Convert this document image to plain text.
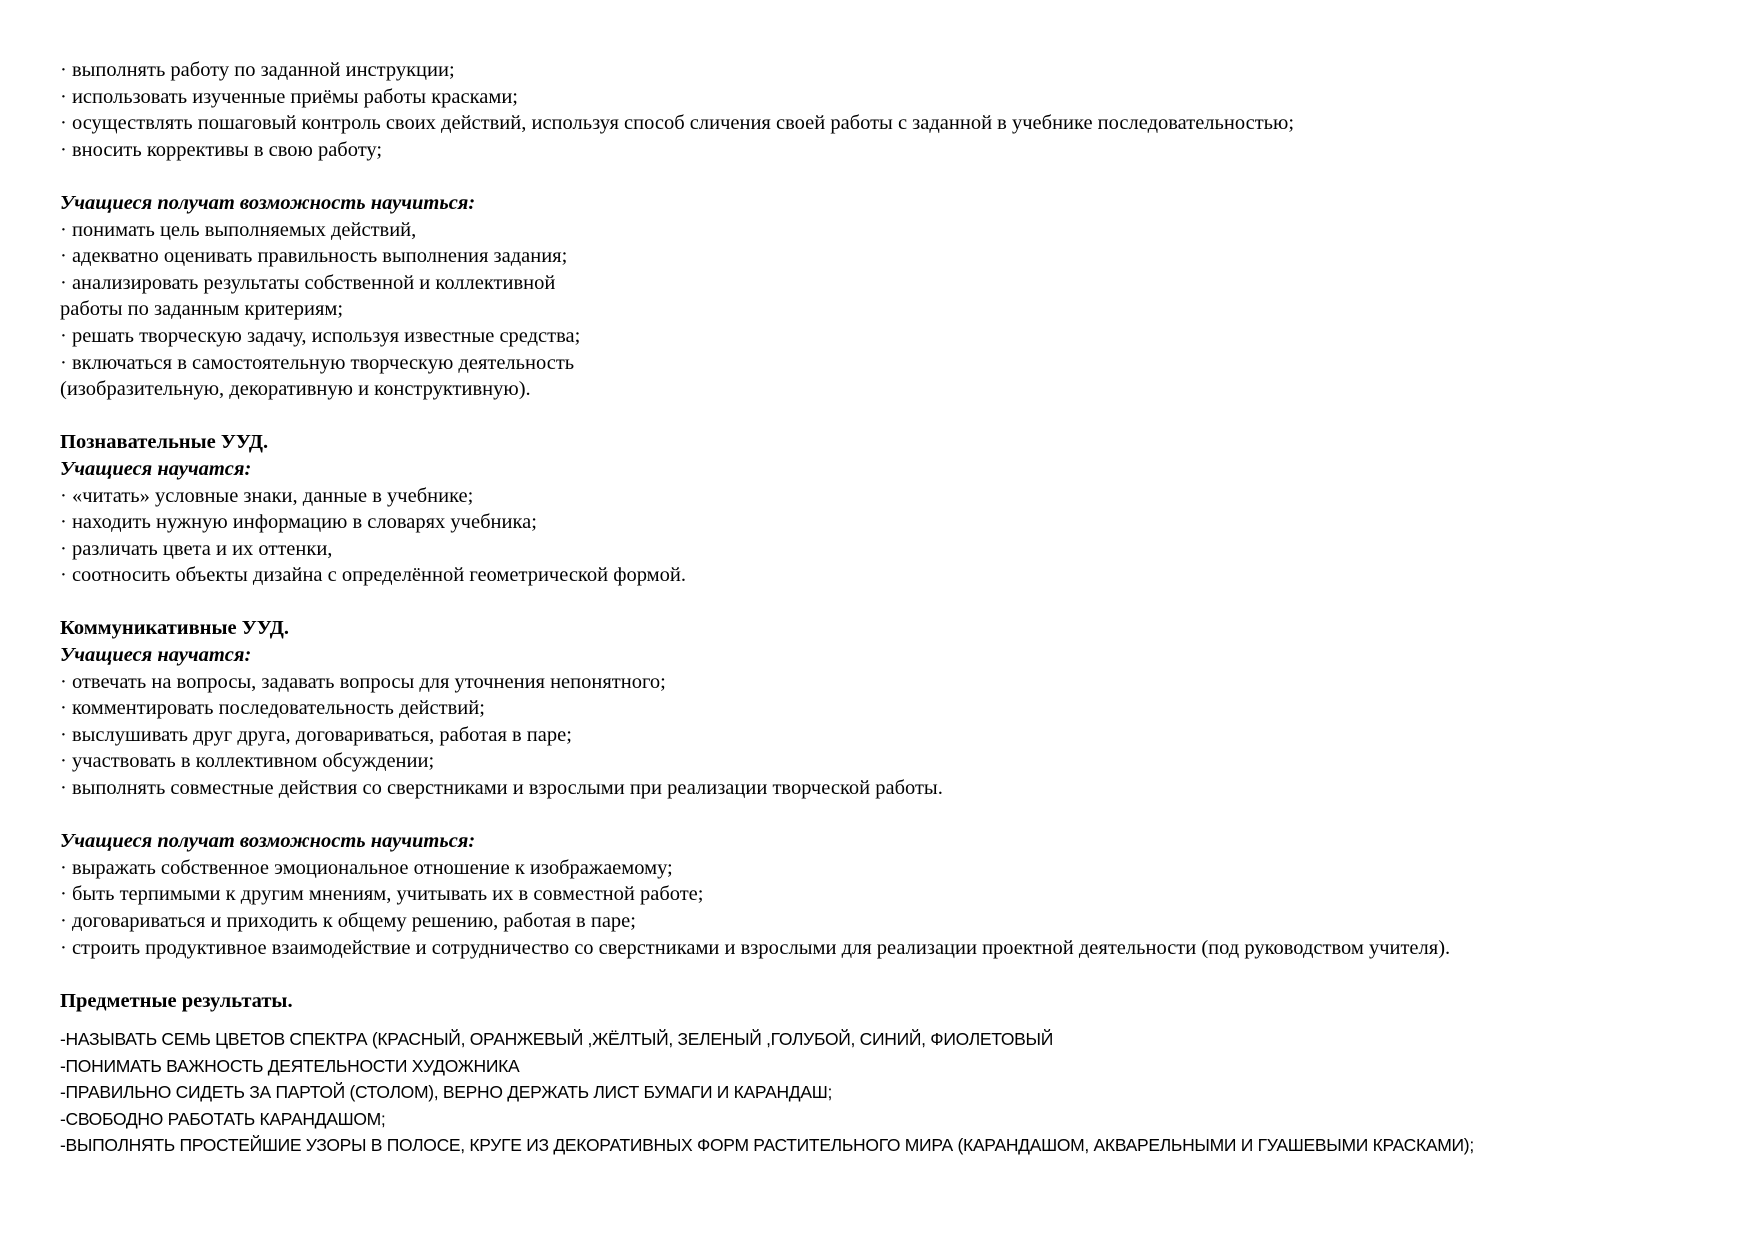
· выполнять работу по заданной инструкции;
· использовать изученные приёмы работы красками;
· осуществлять пошаговый контроль своих действий, используя способ сличения своей работы с заданной в учебнике последовательностью;
· вносить коррективы в свою работу;
Учащиеся получат возможность научиться:
· понимать цель выполняемых действий,
· адекватно оценивать правильность выполнения задания;
· анализировать результаты собственной и коллективной
работы по заданным критериям;
· решать творческую задачу, используя известные средства;
· включаться в самостоятельную творческую деятельность
(изобразительную, декоративную и конструктивную).
Познавательные УУД.
Учащиеся научатся:
· «читать» условные знаки, данные в учебнике;
· находить нужную информацию в словарях учебника;
· различать цвета и их оттенки,
· соотносить объекты дизайна с определённой геометрической формой.
Коммуникативные УУД.
Учащиеся научатся:
· отвечать на вопросы, задавать вопросы для уточнения непонятного;
· комментировать последовательность действий;
· выслушивать друг друга, договариваться, работая в паре;
· участвовать в коллективном обсуждении;
· выполнять совместные действия со сверстниками и взрослыми при реализации творческой работы.
Учащиеся получат возможность научиться:
· выражать собственное эмоциональное отношение к изображаемому;
· быть терпимыми к другим мнениям, учитывать их в совместной работе;
· договариваться и приходить к общему решению, работая в паре;
· строить продуктивное взаимодействие и сотрудничество со сверстниками и взрослыми для реализации проектной деятельности (под руководством учителя).
Предметные результаты.
-НАЗЫВАТЬ СЕМЬ ЦВЕТОВ СПЕКТРА (КРАСНЫЙ, ОРАНЖЕВЫЙ ,ЖЁЛТЫЙ, ЗЕЛЕНЫЙ ,ГОЛУБОЙ, СИНИЙ, ФИОЛЕТОВЫЙ
-ПОНИМАТЬ ВАЖНОСТЬ ДЕЯТЕЛЬНОСТИ ХУДОЖНИКА
-ПРАВИЛЬНО СИДЕТЬ ЗА ПАРТОЙ (СТОЛОМ), ВЕРНО ДЕРЖАТЬ ЛИСТ БУМАГИ И КАРАНДАШ;
-СВОБОДНО РАБОТАТЬ КАРАНДАШОМ;
-ВЫПОЛНЯТЬ ПРОСТЕЙШИЕ УЗОРЫ В ПОЛОСЕ, КРУГЕ ИЗ ДЕКОРАТИВНЫХ ФОРМ РАСТИТЕЛЬНОГО МИРА (КАРАНДАШОМ, АКВАРЕЛЬНЫМИ И ГУАШЕВЫМИ КРАСКАМИ);
